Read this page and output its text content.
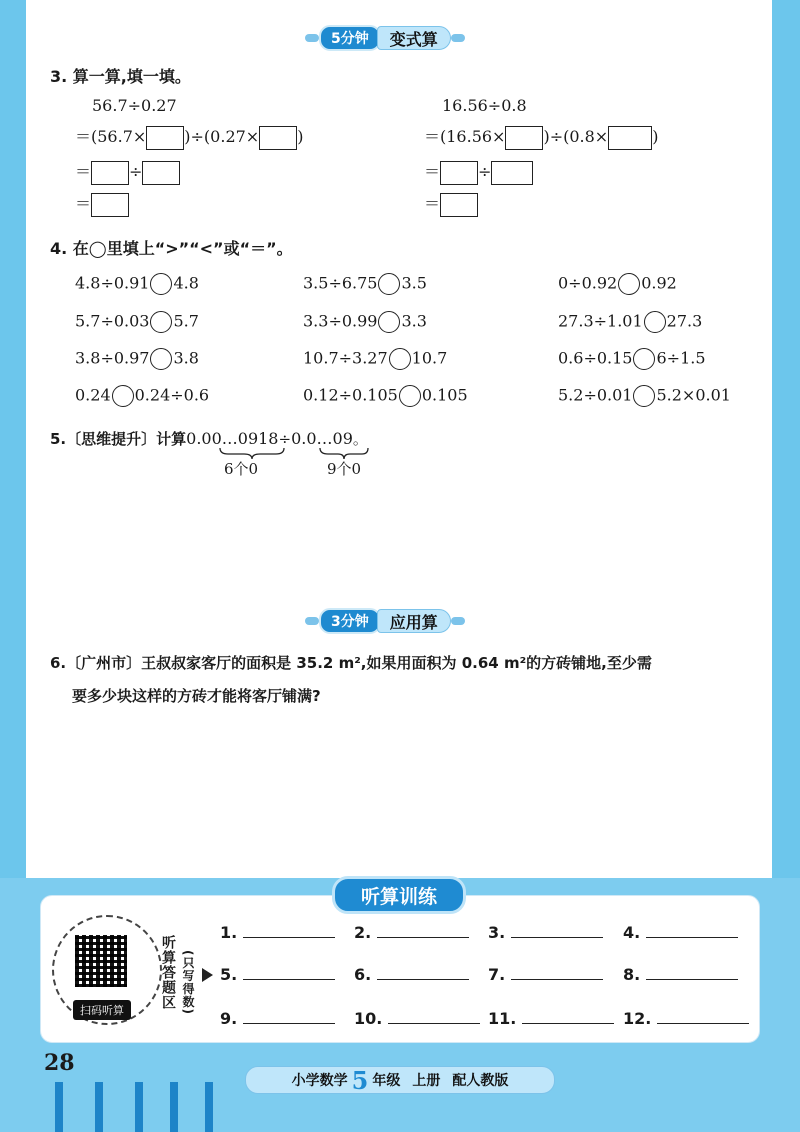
5分钟	变式算
3. 算一算,填一填。
56.7÷0.27
＝(56.7× )÷(0.27× )
＝ ÷
＝
16.56÷0.8
＝(16.56× )÷(0.8×	)
＝ ÷
＝
4. 在◯里填上“>”“<”或“＝”。
4.8÷0.91 4.8	3.5÷6.75 3.5	0÷0.92 0.92
5.7÷0.03 5.7	3.3÷0.99 3.3	27.3÷1.01 27.3
3.8÷0.97 3.8	10.7÷3.27 10.7	0.6÷0.15 6÷1.5
0.24 0.24÷0.6	0.12÷0.105 0.105	5.2÷0.01 5.2×0.01
5.〔思维提升〕计算0.00…0918÷0.0…09。
6个0	9个0
3分钟	应用算
6.〔广州市〕王叔叔家客厅的面积是 35.2 m²,如果用面积为 0.64 m²的方砖铺地,至少需
要多少块这样的方砖才能将客厅铺满?
听算训练
扫码听算
听算答题区 (只写得数)
1.	2.	3.	4.
5.	6.	7.	8.
9.	10.	11.	12.
28
小学数学 5 年级 上册 配人教版
